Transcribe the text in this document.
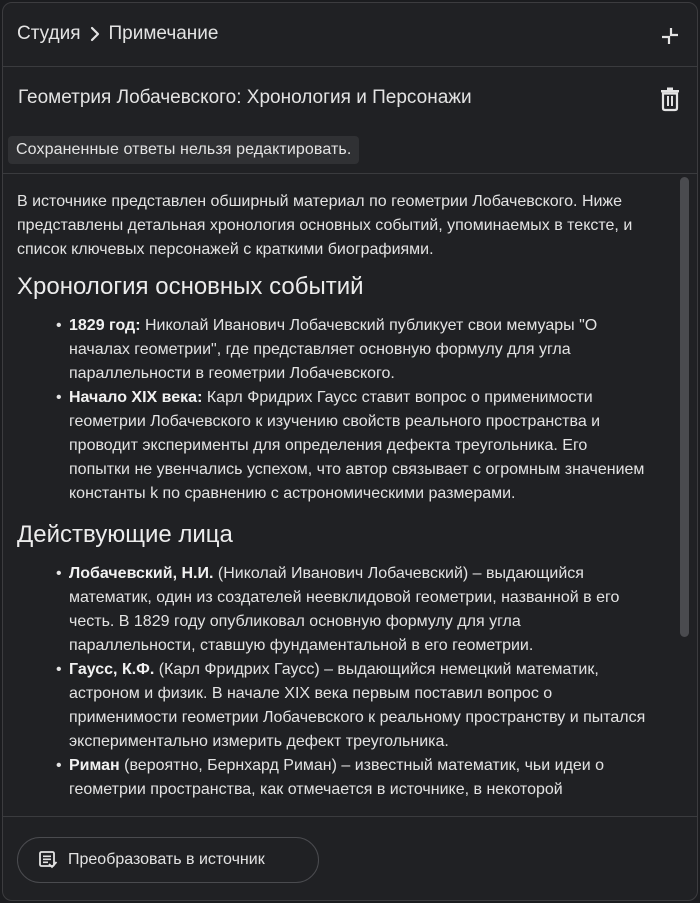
Студия Примечание
Геометрия Лобачевского: Хронология и Персонажи
Сохраненные ответы нельзя редактировать.

В источнике представлен обширный материал по геометрии Лобачевского. Ниже представлены детальная хронология основных событий, упоминаемых в тексте, и список ключевых персонажей с краткими биографиями.

Хронология основных событий
• 1829 год: Николай Иванович Лобачевский публикует свои мемуары "О началах геометрии", где представляет основную формулу для угла параллельности в геометрии Лобачевского.
• Начало XIX века: Карл Фридрих Гаусс ставит вопрос о применимости геометрии Лобачевского к изучению свойств реального пространства и проводит эксперименты для определения дефекта треугольника. Его попытки не увенчались успехом, что автор связывает с огромным значением константы k по сравнению с астрономическими размерами.
Действующие лица
• Лобачевский, Н.И. (Николай Иванович Лобачевский) – выдающийся математик, один из создателей неевклидовой геометрии, названной в его честь. В 1829 году опубликовал основную формулу для угла параллельности, ставшую фундаментальной в его геометрии.
• Гаусс, К.Ф. (Карл Фридрих Гаусс) – выдающийся немецкий математик, астроном и физик. В начале XIX века первым поставил вопрос о применимости геометрии Лобачевского к реальному пространству и пытался экспериментально измерить дефект треугольника.
• Риман (вероятно, Бернхард Риман) – известный математик, чьи идеи о геометрии пространства, как отмечается в источнике, в некоторой
Преобразовать в источник
